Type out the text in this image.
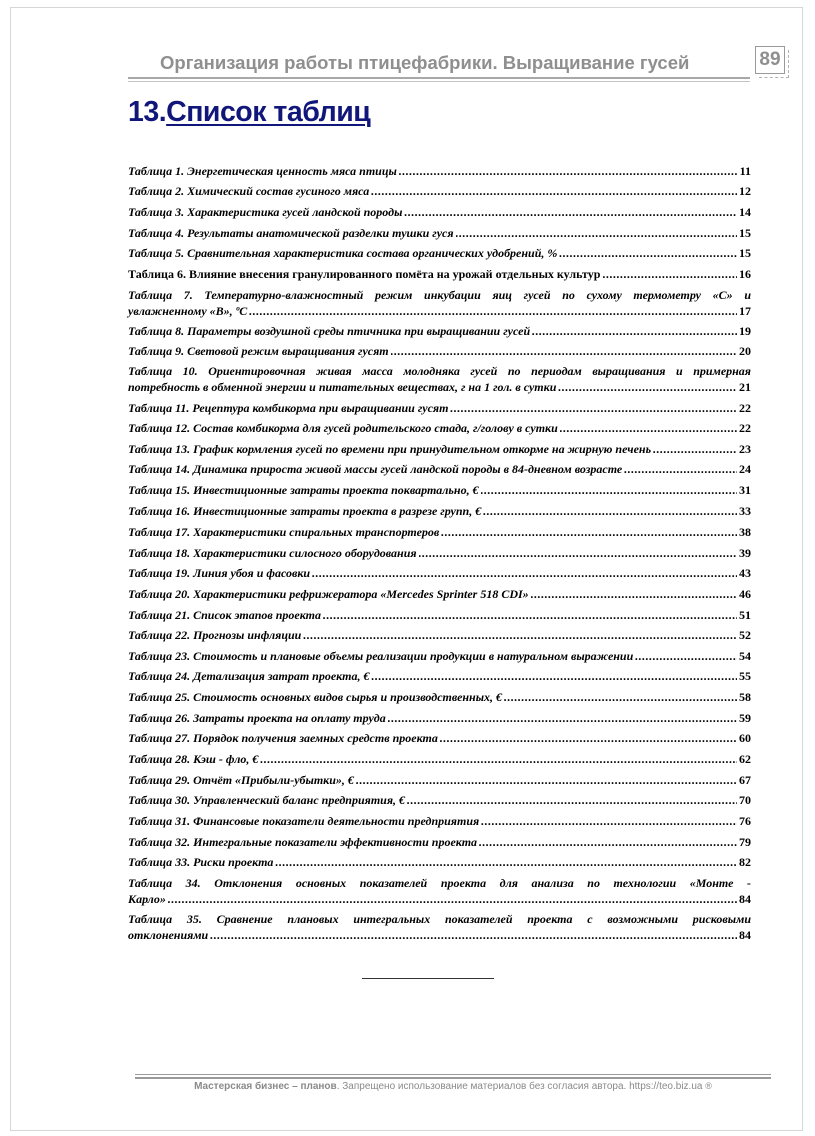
Организация работы птицефабрики. Выращивание гусей	89
13.Список таблиц
Таблица 1. Энергетическая ценность мяса птицы .....	11
Таблица 2. Химический состав гусиного мяса .....	12
Таблица 3. Характеристика гусей ландской породы .....	14
Таблица 4. Результаты анатомической разделки тушки гуся .....	15
Таблица 5. Сравнительная характеристика состава органических удобрений, % .....	15
Таблица 6. Влияние внесения гранулированного помёта на урожай отдельных культур .....	16
Таблица 7. Температурно-влажностный режим инкубации яиц гусей по сухому термометру «С» и
увлажненному «В», ºС .....	17
Таблица 8. Параметры воздушной среды птичника при выращивании гусей .....	19
Таблица 9. Световой режим выращивания гусят .....	20
Таблица 10. Ориентировочная живая масса молодняка гусей по периодам выращивания и примерная
потребность в обменной энергии и питательных веществах, г на 1 гол. в сутки .....	21
Таблица 11. Рецептура комбикорма при выращивании гусят .....	22
Таблица 12. Состав комбикорма для гусей родительского стада, г/голову в сутки .....	22
Таблица 13. График кормления гусей по времени при принудительном откорме на жирную печень .....	23
Таблица 14. Динамика прироста живой массы гусей ландской породы в 84-дневном возрасте .....	24
Таблица 15. Инвестиционные затраты проекта поквартально, € .....	31
Таблица 16. Инвестиционные затраты проекта в разрезе групп, € .....	33
Таблица 17. Характеристики спиральных транспортеров .....	38
Таблица 18. Характеристики силосного оборудования .....	39
Таблица 19. Линия убоя и фасовки .....	43
Таблица 20. Характеристики рефрижератора «Mercedes Sprinter 518 CDI» .....	46
Таблица 21. Список этапов проекта .....	51
Таблица 22. Прогнозы инфляции .....	52
Таблица 23. Стоимость и плановые объемы реализации продукции в натуральном выражении .....	54
Таблица 24. Детализация затрат проекта, € .....	55
Таблица 25. Стоимость основных видов сырья и производственных, € .....	58
Таблица 26. Затраты проекта на оплату труда .....	59
Таблица 27. Порядок получения заемных средств проекта .....	60
Таблица 28. Кэш - фло, € .....	62
Таблица 29. Отчёт «Прибыли-убытки», € .....	67
Таблица 30. Управленческий баланс предприятия, € .....	70
Таблица 31. Финансовые показатели деятельности предприятия .....	76
Таблица 32. Интегральные показатели эффективности проекта .....	79
Таблица 33. Риски проекта .....	82
Таблица 34. Отклонения основных показателей проекта для анализа по технологии «Монте -
Карло» .....	84
Таблица 35. Сравнение плановых интегральных показателей проекта с возможными рисковыми
отклонениями .....	84
Мастерская бизнес – планов. Запрещено использование материалов без согласия автора. https://teo.biz.ua ®
